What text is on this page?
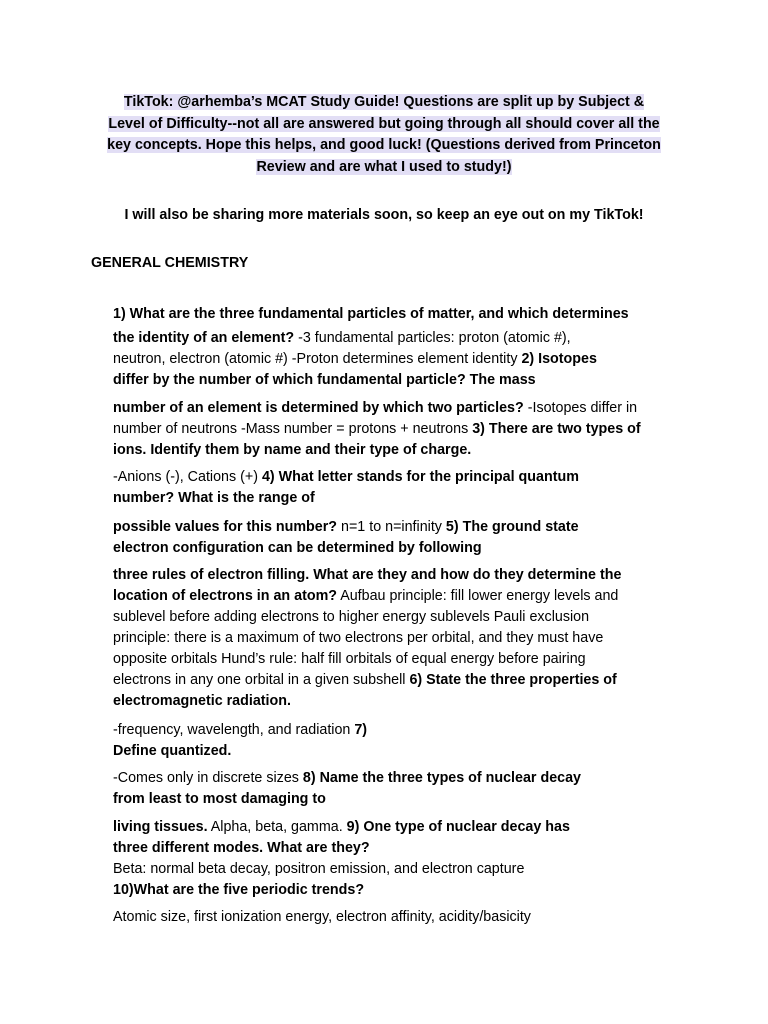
TikTok: @arhemba’s MCAT Study Guide! Questions are split up by Subject &
Level of Difficulty--not all are answered but going through all should cover all the
key concepts. Hope this helps, and good luck! (Questions derived from Princeton
Review and are what I used to study!)
I will also be sharing more materials soon, so keep an eye out on my TikTok!
GENERAL CHEMISTRY

1) What are the three fundamental particles of matter, and which determines
the identity of an element? -3 fundamental particles: proton (atomic #),

neutron, electron (atomic #) -Proton determines element identity 2) Isotopes
differ by the number of which fundamental particle? The mass

number of an element is determined by which two particles? -Isotopes differ in
number of neutrons -Mass number = protons + neutrons 3) There are two types of
ions. Identify them by name and their type of charge.

-Anions (-), Cations (+) 4) What letter stands for the principal quantum
number? What is the range of

possible values for this number? n=1 to n=infinity 5) The ground state
electron configuration can be determined by following

three rules of electron filling. What are they and how do they determine the
location of electrons in an atom? Aufbau principle: fill lower energy levels and
sublevel before adding electrons to higher energy sublevels Pauli exclusion
principle: there is a maximum of two electrons per orbital, and they must have
opposite orbitals Hund’s rule: half fill orbitals of equal energy before pairing
electrons in any one orbital in a given subshell 6) State the three properties of
electromagnetic radiation.

-frequency, wavelength, and radiation 7)
Define quantized.

-Comes only in discrete sizes 8) Name the three types of nuclear decay
from least to most damaging to

living tissues. Alpha, beta, gamma. 9) One type of nuclear decay has
three different modes. What are they?
Beta: normal beta decay, positron emission, and electron capture
10)What are the five periodic trends?

Atomic size, first ionization energy, electron affinity, acidity/basicity
